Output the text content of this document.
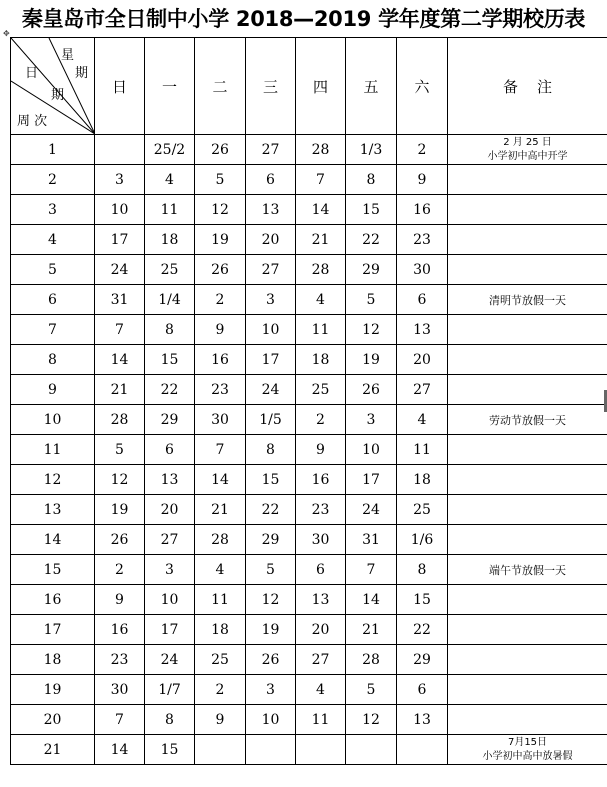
秦皇岛市全日制中小学 2018—2019 学年度第二学期校历表
✥
星
期
日
期
周 次	日	一	二	三	四	五	六	备    注
1		25/2	26	27	28	1/3	2	2 月 25 日
小学初中高中开学

2	3	4	5	6	7	8	9	
3	10	11	12	13	14	15	16	
4	17	18	19	20	21	22	23	
5	24	25	26	27	28	29	30	
6	31	1/4	2	3	4	5	6	清明节放假一天

7	7	8	9	10	11	12	13	
8	14	15	16	17	18	19	20	
9	21	22	23	24	25	26	27	
10	28	29	30	1/5	2	3	4	劳动节放假一天

11	5	6	7	8	9	10	11	
12	12	13	14	15	16	17	18	
13	19	20	21	22	23	24	25	
14	26	27	28	29	30	31	1/6	
15	2	3	4	5	6	7	8	端午节放假一天

16	9	10	11	12	13	14	15	
17	16	17	18	19	20	21	22	
18	23	24	25	26	27	28	29	
19	30	1/7	2	3	4	5	6	
20	7	8	9	10	11	12	13	
21	14	15						7月15日
小学初中高中放暑假
